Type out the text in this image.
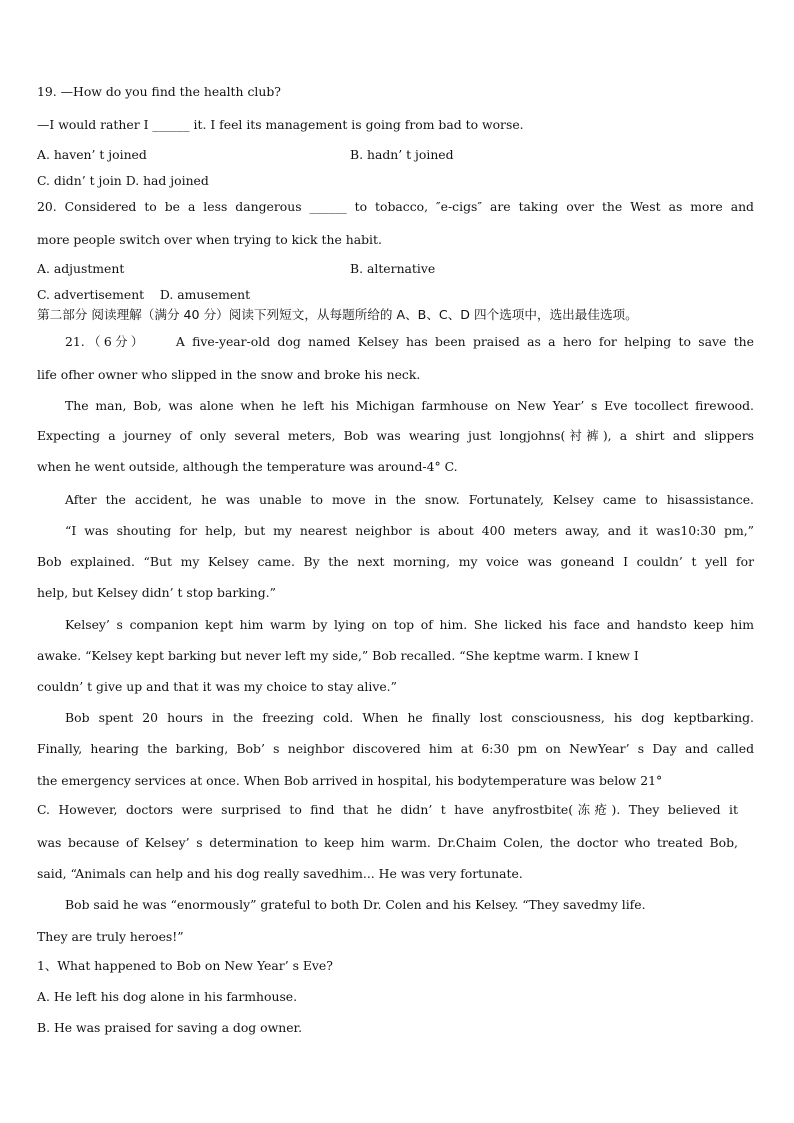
19. —How do you find the health club?
—I would rather I ______ it. I feel its management is going from bad to worse.
A. haven’ t joined	B. hadn’ t joined
C. didn’ t join D. had joined
20. Considered to be a less dangerous ______ to tobacco, ″e-cigs″ are taking over the West as more and
more people switch over when trying to kick the habit.
A. adjustment	B. alternative
C. advertisement    D. amusement
第二部分 阅读理解（满分 40 分）阅读下列短文，从每题所给的 A、B、C、D 四个选项中，选出最佳选项。
21.（6分）    A five-year-old dog named Kelsey has been praised as a hero for helping to save the
life ofher owner who slipped in the snow and broke his neck.
The man, Bob, was alone when he left his Michigan farmhouse on New Year’ s Eve tocollect firewood.
Expecting a journey of only several meters, Bob was wearing just longjohns(衬裤), a shirt and slippers
when he went outside, although the temperature was around-4° C.
After the accident, he was unable to move in the snow. Fortunately, Kelsey came to hisassistance.
“I was shouting for help, but my nearest neighbor is about 400 meters away, and it was10:30 pm,”
Bob explained. “But my Kelsey came. By the next morning, my voice was goneand I couldn’ t yell for
help, but Kelsey didn’ t stop barking.”
Kelsey’ s companion kept him warm by lying on top of him. She licked his face and handsto keep him
awake. “Kelsey kept barking but never left my side,” Bob recalled. “She keptme warm. I knew I
couldn’ t give up and that it was my choice to stay alive.”
Bob spent 20 hours in the freezing cold. When he finally lost consciousness, his dog keptbarking.
Finally, hearing the barking, Bob’ s neighbor discovered him at 6:30 pm on NewYear’ s Day and called
the emergency services at once. When Bob arrived in hospital, his bodytemperature was below 21°
C. However, doctors were surprised to find that he didn’ t have anyfrostbite(冻疮). They believed it
was because of Kelsey’ s determination to keep him warm. Dr.Chaim Colen, the doctor who treated Bob,
said, “Animals can help and his dog really savedhim... He was very fortunate.
Bob said he was “enormously” grateful to both Dr. Colen and his Kelsey. “They savedmy life.
They are truly heroes!”
1、What happened to Bob on New Year’ s Eve?
A. He left his dog alone in his farmhouse.
B. He was praised for saving a dog owner.
